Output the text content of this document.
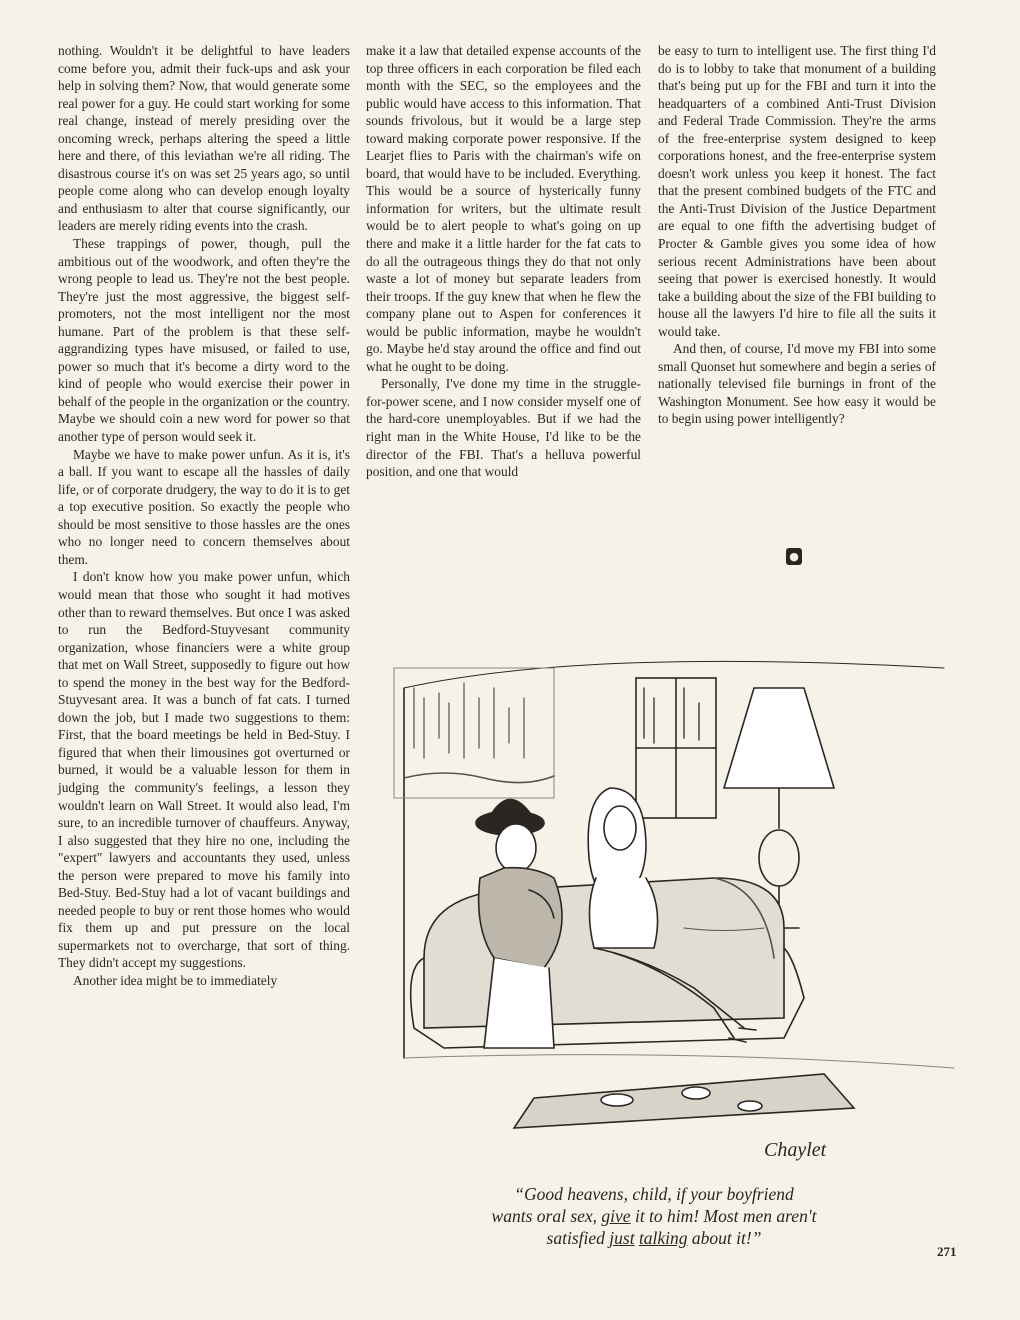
nothing. Wouldn't it be delightful to have leaders come before you, admit their fuck-ups and ask your help in solving them? Now, that would generate some real power for a guy. He could start working for some real change, instead of merely presiding over the oncoming wreck, perhaps altering the speed a little here and there, of this leviathan we're all riding. The disastrous course it's on was set 25 years ago, so until people come along who can develop enough loyalty and enthusiasm to alter that course significantly, our leaders are merely riding events into the crash.

These trappings of power, though, pull the ambitious out of the woodwork, and often they're the wrong people to lead us. They're not the best people. They're just the most aggressive, the biggest self-promoters, not the most intelligent nor the most humane. Part of the problem is that these self-aggrandizing types have misused, or failed to use, power so much that it's become a dirty word to the kind of people who would exercise their power in behalf of the people in the organization or the country. Maybe we should coin a new word for power so that another type of person would seek it.

Maybe we have to make power unfun. As it is, it's a ball. If you want to escape all the hassles of daily life, or of corporate drudgery, the way to do it is to get a top executive position. So exactly the people who should be most sensitive to those hassles are the ones who no longer need to concern themselves about them.

I don't know how you make power unfun, which would mean that those who sought it had motives other than to reward themselves. But once I was asked to run the Bedford-Stuyvesant community organization, whose financiers were a white group that met on Wall Street, supposedly to figure out how to spend the money in the best way for the Bedford-Stuyvesant area. It was a bunch of fat cats. I turned down the job, but I made two suggestions to them: First, that the board meetings be held in Bed-Stuy. I figured that when their limousines got overturned or burned, it would be a valuable lesson for them in judging the community's feelings, a lesson they wouldn't learn on Wall Street. It would also lead, I'm sure, to an incredible turnover of chauffeurs. Anyway, I also suggested that they hire no one, including the "expert" lawyers and accountants they used, unless the person were prepared to move his family into Bed-Stuy. Bed-Stuy had a lot of vacant buildings and needed people to buy or rent those homes who would fix them up and put pressure on the local supermarkets not to overcharge, that sort of thing. They didn't accept my suggestions.

Another idea might be to immediately

make it a law that detailed expense accounts of the top three officers in each corporation be filed each month with the SEC, so the employees and the public would have access to this information. That sounds frivolous, but it would be a large step toward making corporate power responsive. If the Learjet flies to Paris with the chairman's wife on board, that would have to be included. Everything. This would be a source of hysterically funny information for writers, but the ultimate result would be to alert people to what's going on up there and make it a little harder for the fat cats to do all the outrageous things they do that not only waste a lot of money but separate leaders from their troops. If the guy knew that when he flew the company plane out to Aspen for conferences it would be public information, maybe he wouldn't go. Maybe he'd stay around the office and find out what he ought to be doing.

Personally, I've done my time in the struggle-for-power scene, and I now consider myself one of the hard-core unemployables. But if we had the right man in the White House, I'd like to be the director of the FBI. That's a helluva powerful position, and one that would

be easy to turn to intelligent use. The first thing I'd do is to lobby to take that monument of a building that's being put up for the FBI and turn it into the headquarters of a combined Anti-Trust Division and Federal Trade Commission. They're the arms of the free-enterprise system designed to keep corporations honest, and the free-enterprise system doesn't work unless you keep it honest. The fact that the present combined budgets of the FTC and the Anti-Trust Division of the Justice Department are equal to one fifth the advertising budget of Procter & Gamble gives you some idea of how serious recent Administrations have been about seeing that power is exercised honestly. It would take a building about the size of the FBI building to house all the lawyers I'd hire to file all the suits it would take.

And then, of course, I'd move my FBI into some small Quonset hut somewhere and begin a series of nationally televised file burnings in front of the Washington Monument. See how easy it would be to begin using power intelligently?

●
Chaylet
“Good heavens, child, if your boyfriend
wants oral sex, give it to him! Most men aren't
satisfied just talking about it!”
271
